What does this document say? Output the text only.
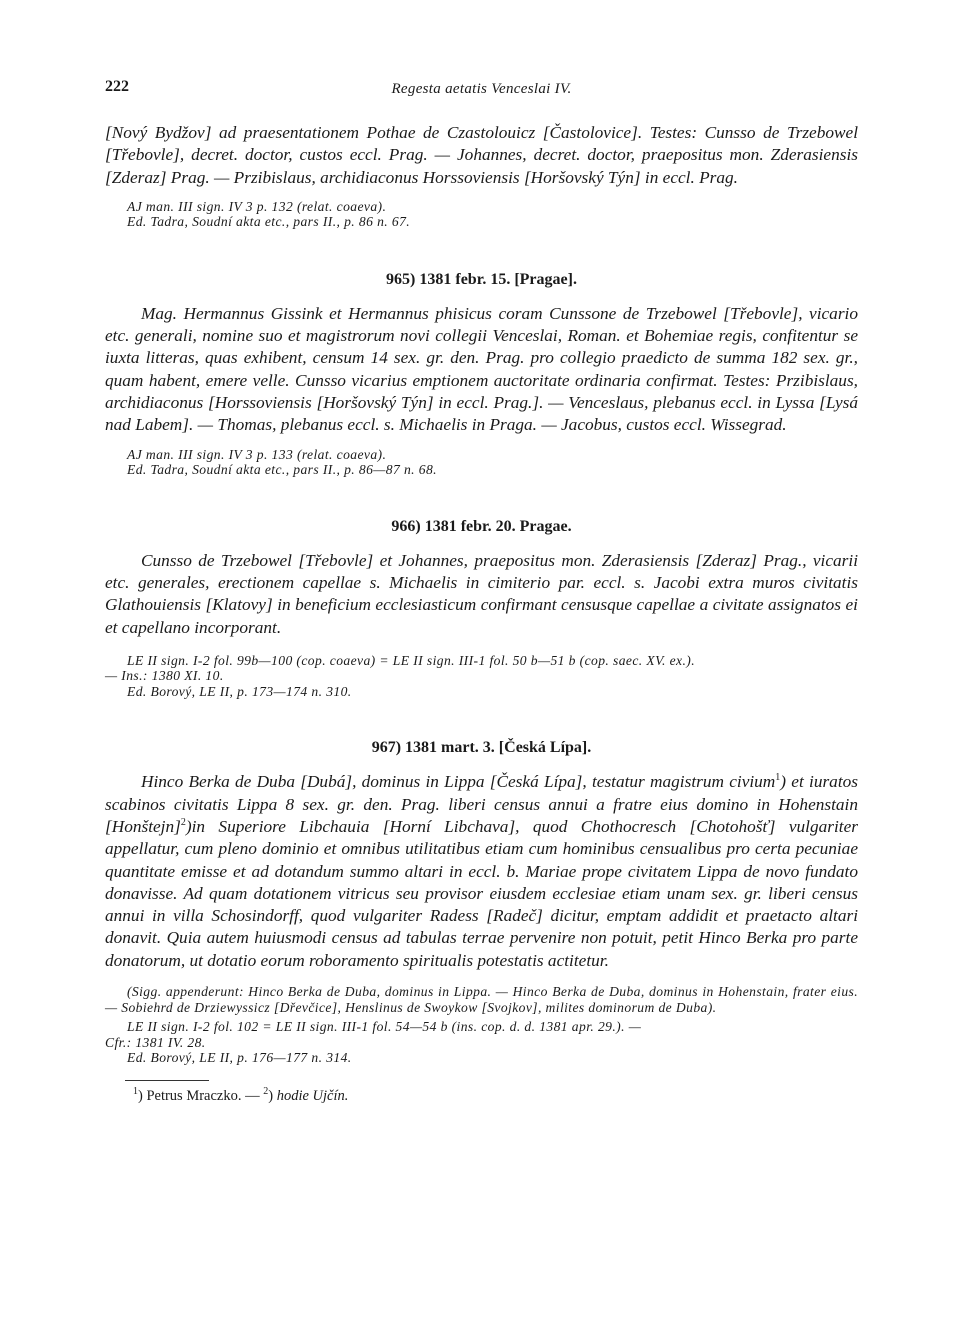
222	Regesta aetatis Venceslai IV.

[Nový Bydžov] ad praesentationem Pothae de Czastolouicz [Častolovice]. Testes: Cunsso de Trzebowel [Třebovle], decret. doctor, custos eccl. Prag. — Johannes, decret. doctor, praepositus mon. Zderasiensis [Zderaz] Prag. — Przibislaus, archidiaconus Horssoviensis [Horšovský Týn] in eccl. Prag.

AJ man. III sign. IV 3 p. 132 (relat. coaeva).

Ed. Tadra, Soudní akta etc., pars II., p. 86 n. 67.

965) 1381 febr. 15. [Pragae].

Mag. Hermannus Gissink et Hermannus phisicus coram Cunssone de Trzebowel [Třebovle], vicario etc. generali, nomine suo et magistrorum novi collegii Venceslai, Roman. et Bohemiae regis, confitentur se iuxta litteras, quas exhibent, censum 14 sex. gr. den. Prag. pro collegio praedicto de summa 182 sex. gr., quam habent, emere velle. Cunsso vicarius emptionem auctoritate ordinaria confirmat. Testes: Przibislaus, archidiaconus [Horssoviensis [Horšovský Týn] in eccl. Prag.]. — Venceslaus, plebanus eccl. in Lyssa [Lysá nad Labem]. — Thomas, plebanus eccl. s. Michaelis in Praga. — Jacobus, custos eccl. Wissegrad.

AJ man. III sign. IV 3 p. 133 (relat. coaeva).

Ed. Tadra, Soudní akta etc., pars II., p. 86—87 n. 68.

966) 1381 febr. 20. Pragae.

Cunsso de Trzebowel [Třebovle] et Johannes, praepositus mon. Zderasiensis [Zderaz] Prag., vicarii etc. generales, erectionem capellae s. Michaelis in cimiterio par. eccl. s. Jacobi extra muros civitatis Glathouiensis [Klatovy] in beneficium ecclesiasticum confirmant censusque capellae a civitate assignatos ei et capellano incorporant.

LE II sign. I-2 fol. 99b—100 (cop. coaeva) = LE II sign. III-1 fol. 50 b—51 b (cop. saec. XV. ex.).

— Ins.: 1380 XI. 10.

Ed. Borový, LE II, p. 173—174 n. 310.

967) 1381 mart. 3. [Česká Lípa].

Hinco Berka de Duba [Dubá], dominus in Lippa [Česká Lípa], testatur magistrum civium$^1$) et iuratos scabinos civitatis Lippa 8 sex. gr. den. Prag. liberi census annui a fratre eius domino in Hohenstain [Honštejn]$^2$)in Superiore Libchauia [Horní Libchava], quod Chothocresch [Chotohošť] vulgariter appellatur, cum pleno dominio et omnibus utilitatibus etiam cum hominibus censualibus pro certa pecuniae quantitate emisse et ad dotandum summo altari in eccl. b. Mariae prope civitatem Lippa de novo fundato donavisse. Ad quam dotationem vitricus seu provisor eiusdem ecclesiae etiam unam sex. gr. liberi census annui in villa Schosindorff, quod vulgariter Radess [Radeč] dicitur, emptam addidit et praetacto altari donavit. Quia autem huiusmodi census ad tabulas terrae pervenire non potuit, petit Hinco Berka pro parte donatorum, ut dotatio eorum roboramento spiritualis potestatis actitetur.

(Sigg. appenderunt: Hinco Berka de Duba, dominus in Lippa. — Hinco Berka de Duba, dominus in Hohenstain, frater eius. — Sobiehrd de Drziewyssicz [Dřevčice], Henslinus de Swoykow [Svojkov], milites dominorum de Duba).

LE II sign. I-2 fol. 102 = LE II sign. III-1 fol. 54—54 b (ins. cop. d. d. 1381 apr. 29.). —

Cfr.: 1381 IV. 28.

Ed. Borový, LE II, p. 176—177 n. 314.

$^1$) Petrus Mraczko. — $^2$) hodie Ujčín.
